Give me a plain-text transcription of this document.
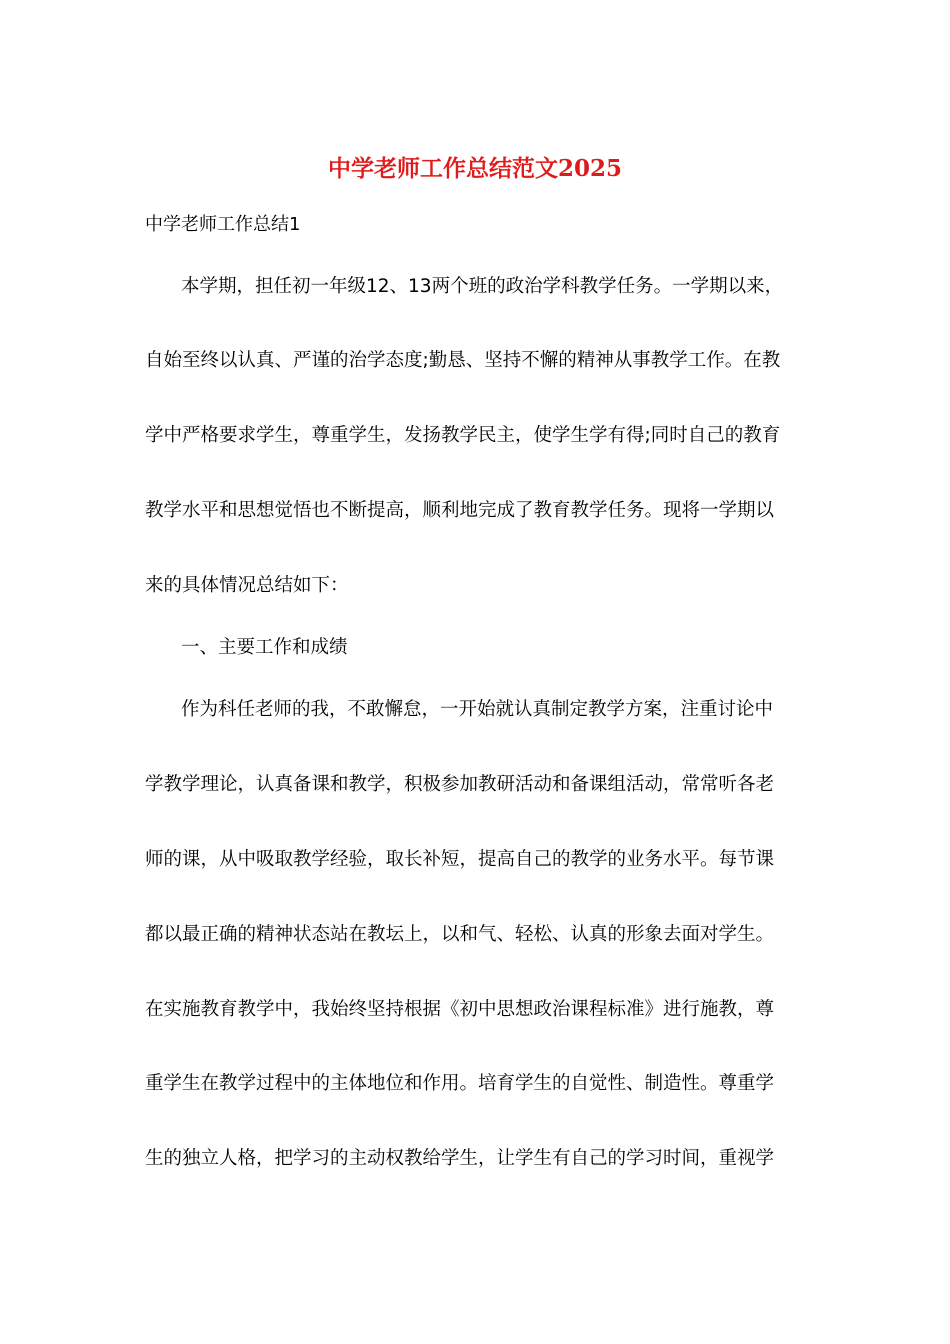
中学老师工作总结范文2025

中学老师工作总结1

本学期，担任初一年级12、13两个班的政治学科教学任务。一学期以来，

自始至终以认真、严谨的治学态度;勤恳、坚持不懈的精神从事教学工作。在教

学中严格要求学生，尊重学生，发扬教学民主，使学生学有得;同时自己的教育

教学水平和思想觉悟也不断提高，顺利地完成了教育教学任务。现将一学期以

来的具体情况总结如下：

一、主要工作和成绩

作为科任老师的我，不敢懈怠，一开始就认真制定教学方案，注重讨论中

学教学理论，认真备课和教学，积极参加教研活动和备课组活动，常常听各老

师的课，从中吸取教学经验，取长补短，提高自己的教学的业务水平。每节课

都以最正确的精神状态站在教坛上，以和气、轻松、认真的形象去面对学生。

在实施教育教学中，我始终坚持根据《初中思想政治课程标准》进行施教，尊

重学生在教学过程中的主体地位和作用。培育学生的自觉性、制造性。尊重学

生的独立人格，把学习的主动权教给学生，让学生有自己的学习时间，重视学
